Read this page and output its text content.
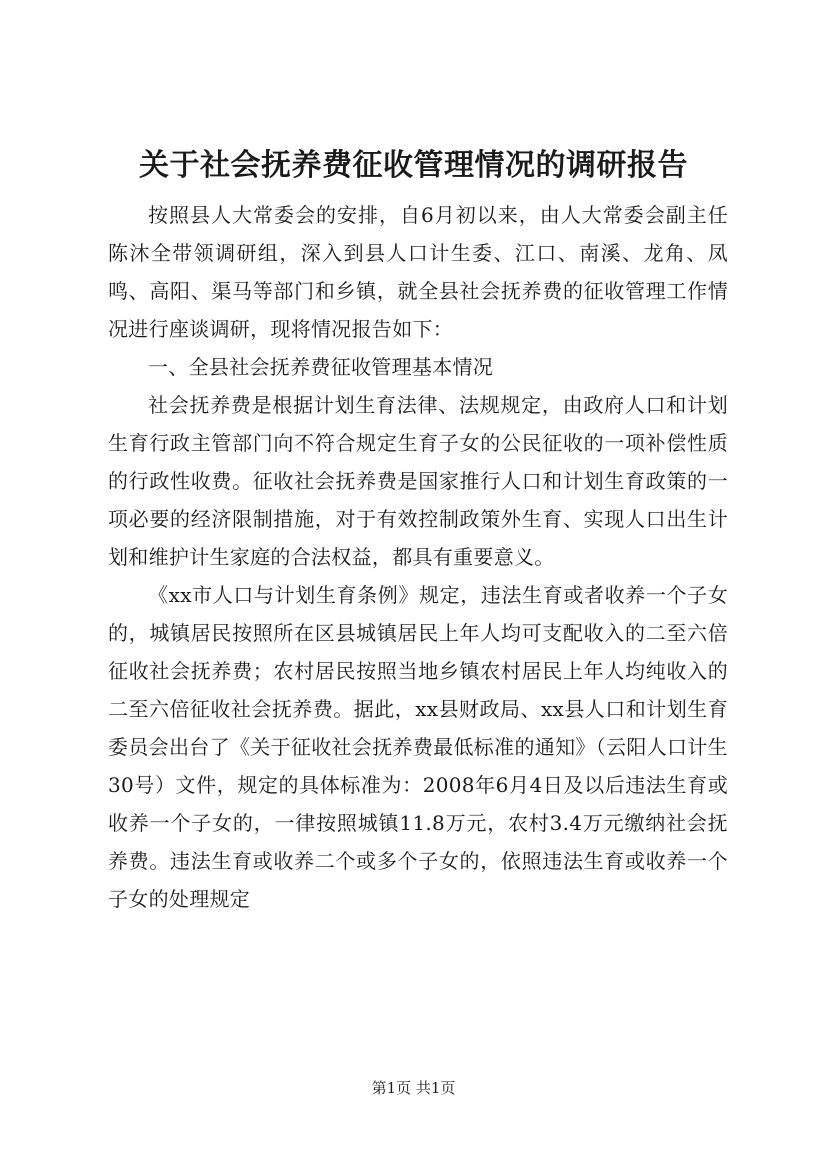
关于社会抚养费征收管理情况的调研报告

按照县人大常委会的安排，自6月初以来，由人大常委会副主任陈沐全带领调研组，深入到县人口计生委、江口、南溪、龙角、凤鸣、高阳、渠马等部门和乡镇，就全县社会抚养费的征收管理工作情况进行座谈调研，现将情况报告如下：

一、全县社会抚养费征收管理基本情况

社会抚养费是根据计划生育法律、法规规定，由政府人口和计划生育行政主管部门向不符合规定生育子女的公民征收的一项补偿性质的行政性收费。征收社会抚养费是国家推行人口和计划生育政策的一项必要的经济限制措施，对于有效控制政策外生育、实现人口出生计划和维护计生家庭的合法权益，都具有重要意义。

《xx市人口与计划生育条例》规定，违法生育或者收养一个子女的，城镇居民按照所在区县城镇居民上年人均可支配收入的二至六倍征收社会抚养费；农村居民按照当地乡镇农村居民上年人均纯收入的二至六倍征收社会抚养费。据此，xx县财政局、xx县人口和计划生育委员会出台了《关于征收社会抚养费最低标准的通知》（云阳人口计生30号）文件，规定的具体标准为：2008年6月4日及以后违法生育或收养一个子女的，一律按照城镇11.8万元，农村3.4万元缴纳社会抚养费。违法生育或收养二个或多个子女的，依照违法生育或收养一个子女的处理规定

第1页 共1页
